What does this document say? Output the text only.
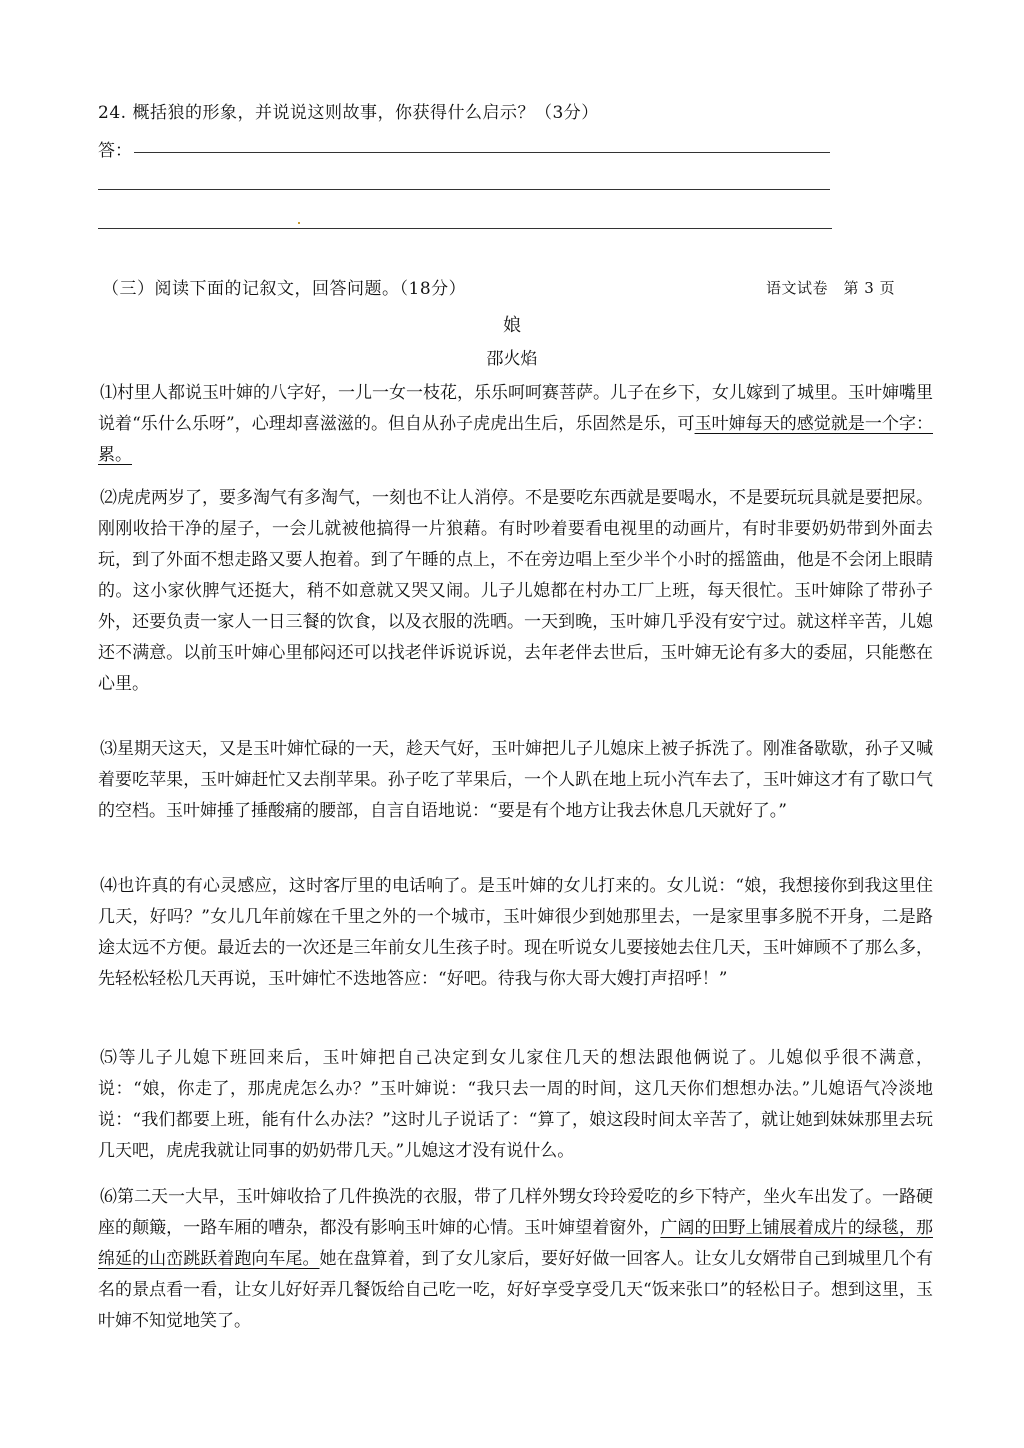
24. 概括狼的形象，并说说这则故事，你获得什么启示？（3分）
答：
（三）阅读下面的记叙文，回答问题。（18分）	语文试卷　第 3 页
娘
邵火焰
⑴村里人都说玉叶婶的八字好，一儿一女一枝花，乐乐呵呵赛菩萨。儿子在乡下，女儿嫁到了城里。玉叶婶嘴里说着“乐什么乐呀”，心理却喜滋滋的。但自从孙子虎虎出生后，乐固然是乐，可玉叶婶每天的感觉就是一个字：累。
⑵虎虎两岁了，要多淘气有多淘气，一刻也不让人消停。不是要吃东西就是要喝水，不是要玩玩具就是要把尿。刚刚收拾干净的屋子，一会儿就被他搞得一片狼藉。有时吵着要看电视里的动画片，有时非要奶奶带到外面去玩，到了外面不想走路又要人抱着。到了午睡的点上，不在旁边唱上至少半个小时的摇篮曲，他是不会闭上眼睛的。这小家伙脾气还挺大，稍不如意就又哭又闹。儿子儿媳都在村办工厂上班，每天很忙。玉叶婶除了带孙子外，还要负责一家人一日三餐的饮食，以及衣服的洗晒。一天到晚，玉叶婶几乎没有安宁过。就这样辛苦，儿媳还不满意。以前玉叶婶心里郁闷还可以找老伴诉说诉说，去年老伴去世后，玉叶婶无论有多大的委屈，只能憋在心里。
⑶星期天这天，又是玉叶婶忙碌的一天，趁天气好，玉叶婶把儿子儿媳床上被子拆洗了。刚准备歇歇，孙子又喊着要吃苹果，玉叶婶赶忙又去削苹果。孙子吃了苹果后，一个人趴在地上玩小汽车去了，玉叶婶这才有了歇口气的空档。玉叶婶捶了捶酸痛的腰部，自言自语地说：“要是有个地方让我去休息几天就好了。”
⑷也许真的有心灵感应，这时客厅里的电话响了。是玉叶婶的女儿打来的。女儿说：“娘，我想接你到我这里住几天，好吗？”女儿几年前嫁在千里之外的一个城市，玉叶婶很少到她那里去，一是家里事多脱不开身，二是路途太远不方便。最近去的一次还是三年前女儿生孩子时。现在听说女儿要接她去住几天，玉叶婶顾不了那么多，先轻松轻松几天再说，玉叶婶忙不迭地答应：“好吧。待我与你大哥大嫂打声招呼！”
⑸等儿子儿媳下班回来后，玉叶婶把自己决定到女儿家住几天的想法跟他俩说了。儿媳似乎很不满意，说：“娘，你走了，那虎虎怎么办？”玉叶婶说：“我只去一周的时间，这几天你们想想办法。”儿媳语气冷淡地说：“我们都要上班，能有什么办法？”这时儿子说话了：“算了，娘这段时间太辛苦了，就让她到妹妹那里去玩几天吧，虎虎我就让同事的奶奶带几天。”儿媳这才没有说什么。
⑹第二天一大早，玉叶婶收拾了几件换洗的衣服，带了几样外甥女玲玲爱吃的乡下特产，坐火车出发了。一路硬座的颠簸，一路车厢的嘈杂，都没有影响玉叶婶的心情。玉叶婶望着窗外，广阔的田野上铺展着成片的绿毯，那绵延的山峦跳跃着跑向车尾。她在盘算着，到了女儿家后，要好好做一回客人。让女儿女婿带自己到城里几个有名的景点看一看，让女儿好好弄几餐饭给自己吃一吃，好好享受享受几天“饭来张口”的轻松日子。想到这里，玉叶婶不知觉地笑了。
